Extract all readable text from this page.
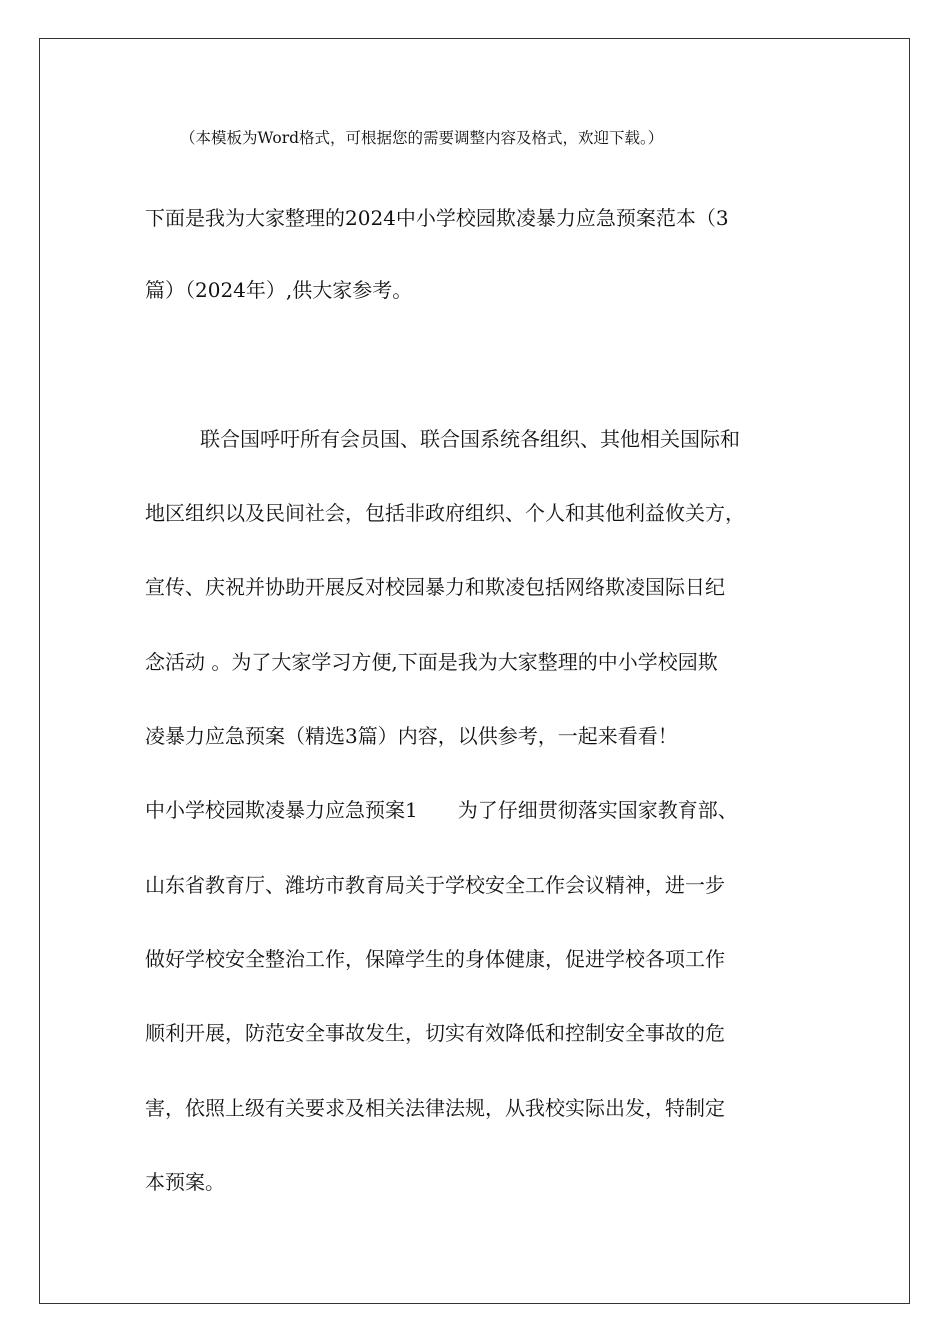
（本模板为Word格式，可根据您的需要调整内容及格式，欢迎下载。）
下面是我为大家整理的2024中小学校园欺凌暴力应急预案范本（3
篇）（2024年）,供大家参考。
联合国呼吁所有会员国、联合国系统各组织、其他相关国际和
地区组织以及民间社会，包括非政府组织、个人和其他利益攸关方，
宣传、庆祝并协助开展反对校园暴力和欺凌包括网络欺凌国际日纪
念活动 。为了大家学习方便,下面是我为大家整理的中小学校园欺
凌暴力应急预案（精选3篇）内容，以供参考，一起来看看！
中小学校园欺凌暴力应急预案1　　为了仔细贯彻落实国家教育部、
山东省教育厅、潍坊市教育局关于学校安全工作会议精神，进一步
做好学校安全整治工作，保障学生的身体健康，促进学校各项工作
顺利开展，防范安全事故发生，切实有效降低和控制安全事故的危
害，依照上级有关要求及相关法律法规，从我校实际出发，特制定
本预案。
